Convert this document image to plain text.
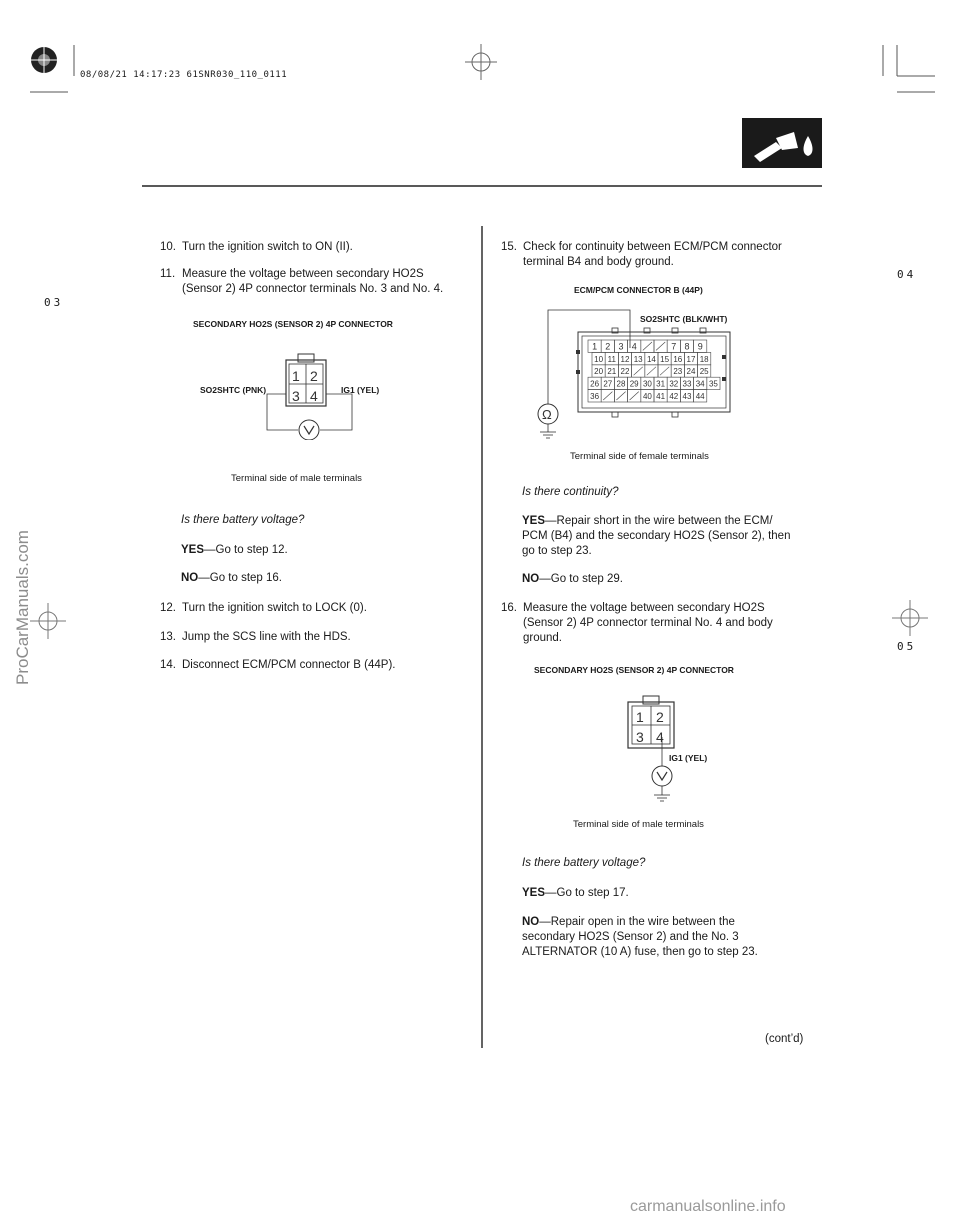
08/08/21 14:17:23 61SNR030_110_0111
03
04
05
10. Turn the ignition switch to ON (II).
11. Measure the voltage between secondary HO2S
(Sensor 2) 4P connector terminals No. 3 and No. 4.
SECONDARY HO2S (SENSOR 2) 4P CONNECTOR
SO2SHTC (PNK)	IG1 (YEL)
1 2
3 4
Terminal side of male terminals
Is there battery voltage?
YES—Go to step 12.
NO—Go to step 16.
12. Turn the ignition switch to LOCK (0).
13. Jump the SCS line with the HDS.
14. Disconnect ECM/PCM connector B (44P).
15. Check for continuity between ECM/PCM connector
terminal B4 and body ground.
ECM/PCM CONNECTOR B (44P)
SO2SHTC (BLK/WHT)
1 2 3 4	7 8 9
10 11 12 13 14 15 16 17 18
20 21 22	23 24 25
26 27 28 29 30 31 32 33 34 35
36	40 41 42 43 44
Ω
Terminal side of female terminals
Is there continuity?
YES—Repair short in the wire between the ECM/
PCM (B4) and the secondary HO2S (Sensor 2), then
go to step 23.
NO—Go to step 29.
16. Measure the voltage between secondary HO2S
(Sensor 2) 4P connector terminal No. 4 and body
ground.
SECONDARY HO2S (SENSOR 2) 4P CONNECTOR
IG1 (YEL)
1 2
3 4
Terminal side of male terminals
Is there battery voltage?
YES—Go to step 17.
NO—Repair open in the wire between the
secondary HO2S (Sensor 2) and the No. 3
ALTERNATOR (10 A) fuse, then go to step 23.
(cont’d)
ProCarManuals.com
carmanualsonline.info
